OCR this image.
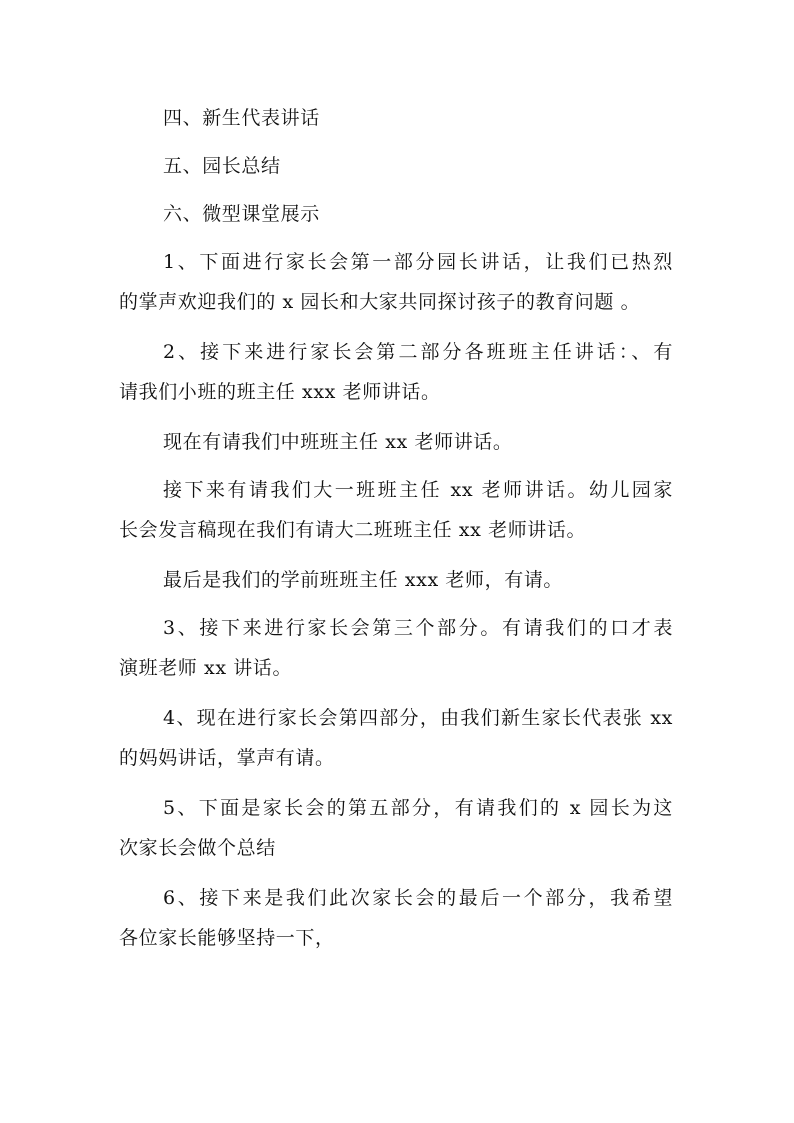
四、新生代表讲话
五、园长总结
六、微型课堂展示
1、下面进行家长会第一部分园长讲话，让我们已热烈
的掌声欢迎我们的 x 园长和大家共同探讨孩子的教育问题 。
2、接下来进行家长会第二部分各班班主任讲话：、有
请我们小班的班主任 xxx 老师讲话。
现在有请我们中班班主任 xx 老师讲话。
接下来有请我们大一班班主任 xx 老师讲话。幼儿园家
长会发言稿现在我们有请大二班班主任 xx 老师讲话。
最后是我们的学前班班主任 xxx 老师，有请。
3、接下来进行家长会第三个部分。有请我们的口才表
演班老师 xx 讲话。
4、现在进行家长会第四部分，由我们新生家长代表张 xx
的妈妈讲话，掌声有请。
5、下面是家长会的第五部分，有请我们的 x 园长为这
次家长会做个总结
6、接下来是我们此次家长会的最后一个部分，我希望
各位家长能够坚持一下，
